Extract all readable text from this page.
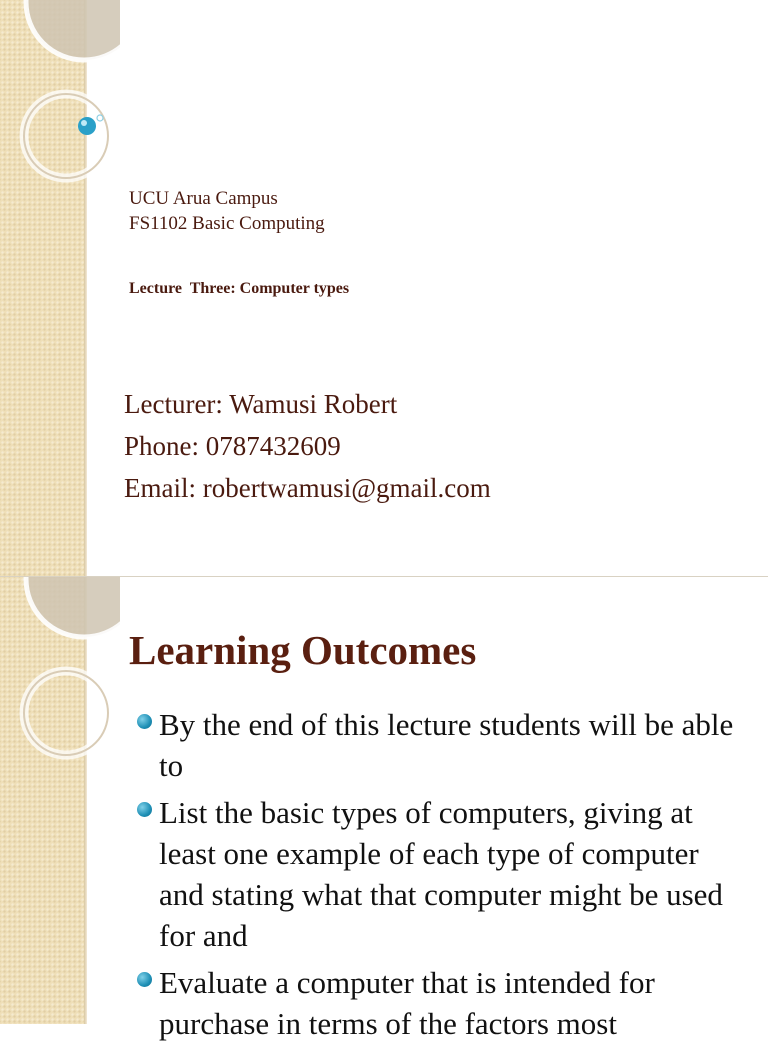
UCU Arua Campus
FS1102 Basic Computing
Lecture  Three: Computer types
Lecturer: Wamusi Robert
Phone: 0787432609
Email: robertwamusi@gmail.com
Learning Outcomes
By the end of this lecture students will be able to
List the basic types of computers, giving at least one example of each type of computer and stating what that computer might be used for and
Evaluate a computer that is intended for purchase in terms of the factors most
